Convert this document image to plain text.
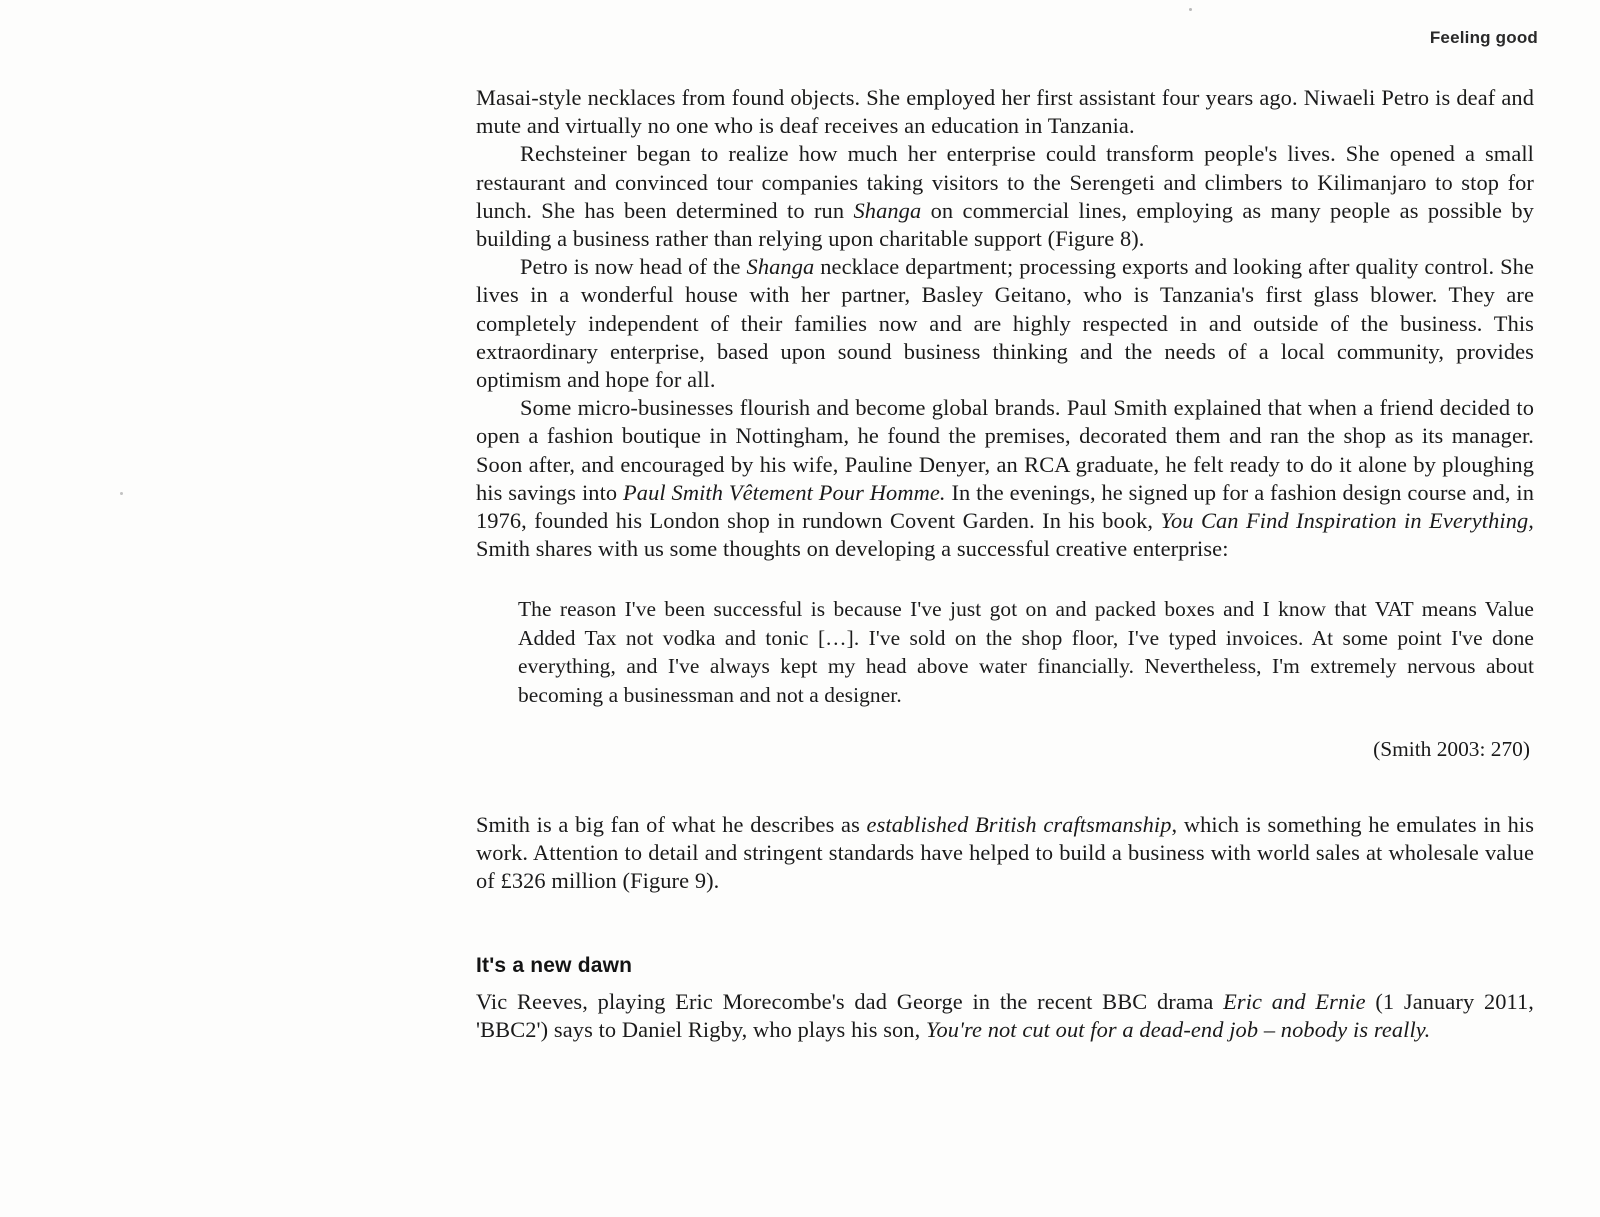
Feeling good

Masai-style necklaces from found objects. She employed her first assistant four years ago. Niwaeli Petro is deaf and mute and virtually no one who is deaf receives an education in Tanzania.

Rechsteiner began to realize how much her enterprise could transform people's lives. She opened a small restaurant and convinced tour companies taking visitors to the Serengeti and climbers to Kilimanjaro to stop for lunch. She has been determined to run Shanga on commercial lines, employing as many people as possible by building a business rather than relying upon charitable support (Figure 8).

Petro is now head of the Shanga necklace department; processing exports and looking after quality control. She lives in a wonderful house with her partner, Basley Geitano, who is Tanzania's first glass blower. They are completely independent of their families now and are highly respected in and outside of the business. This extraordinary enterprise, based upon sound business thinking and the needs of a local community, provides optimism and hope for all.

Some micro-businesses flourish and become global brands. Paul Smith explained that when a friend decided to open a fashion boutique in Nottingham, he found the premises, decorated them and ran the shop as its manager. Soon after, and encouraged by his wife, Pauline Denyer, an RCA graduate, he felt ready to do it alone by ploughing his savings into Paul Smith Vêtement Pour Homme. In the evenings, he signed up for a fashion design course and, in 1976, founded his London shop in rundown Covent Garden. In his book, You Can Find Inspiration in Everything, Smith shares with us some thoughts on developing a successful creative enterprise:

The reason I've been successful is because I've just got on and packed boxes and I know that VAT means Value Added Tax not vodka and tonic […]. I've sold on the shop floor, I've typed invoices. At some point I've done everything, and I've always kept my head above water financially. Nevertheless, I'm extremely nervous about becoming a businessman and not a designer.

(Smith 2003: 270)

Smith is a big fan of what he describes as established British craftsmanship, which is something he emulates in his work. Attention to detail and stringent standards have helped to build a business with world sales at wholesale value of £326 million (Figure 9).

It's a new dawn

Vic Reeves, playing Eric Morecombe's dad George in the recent BBC drama Eric and Ernie (1 January 2011, 'BBC2') says to Daniel Rigby, who plays his son, You're not cut out for a dead-end job – nobody is really.
